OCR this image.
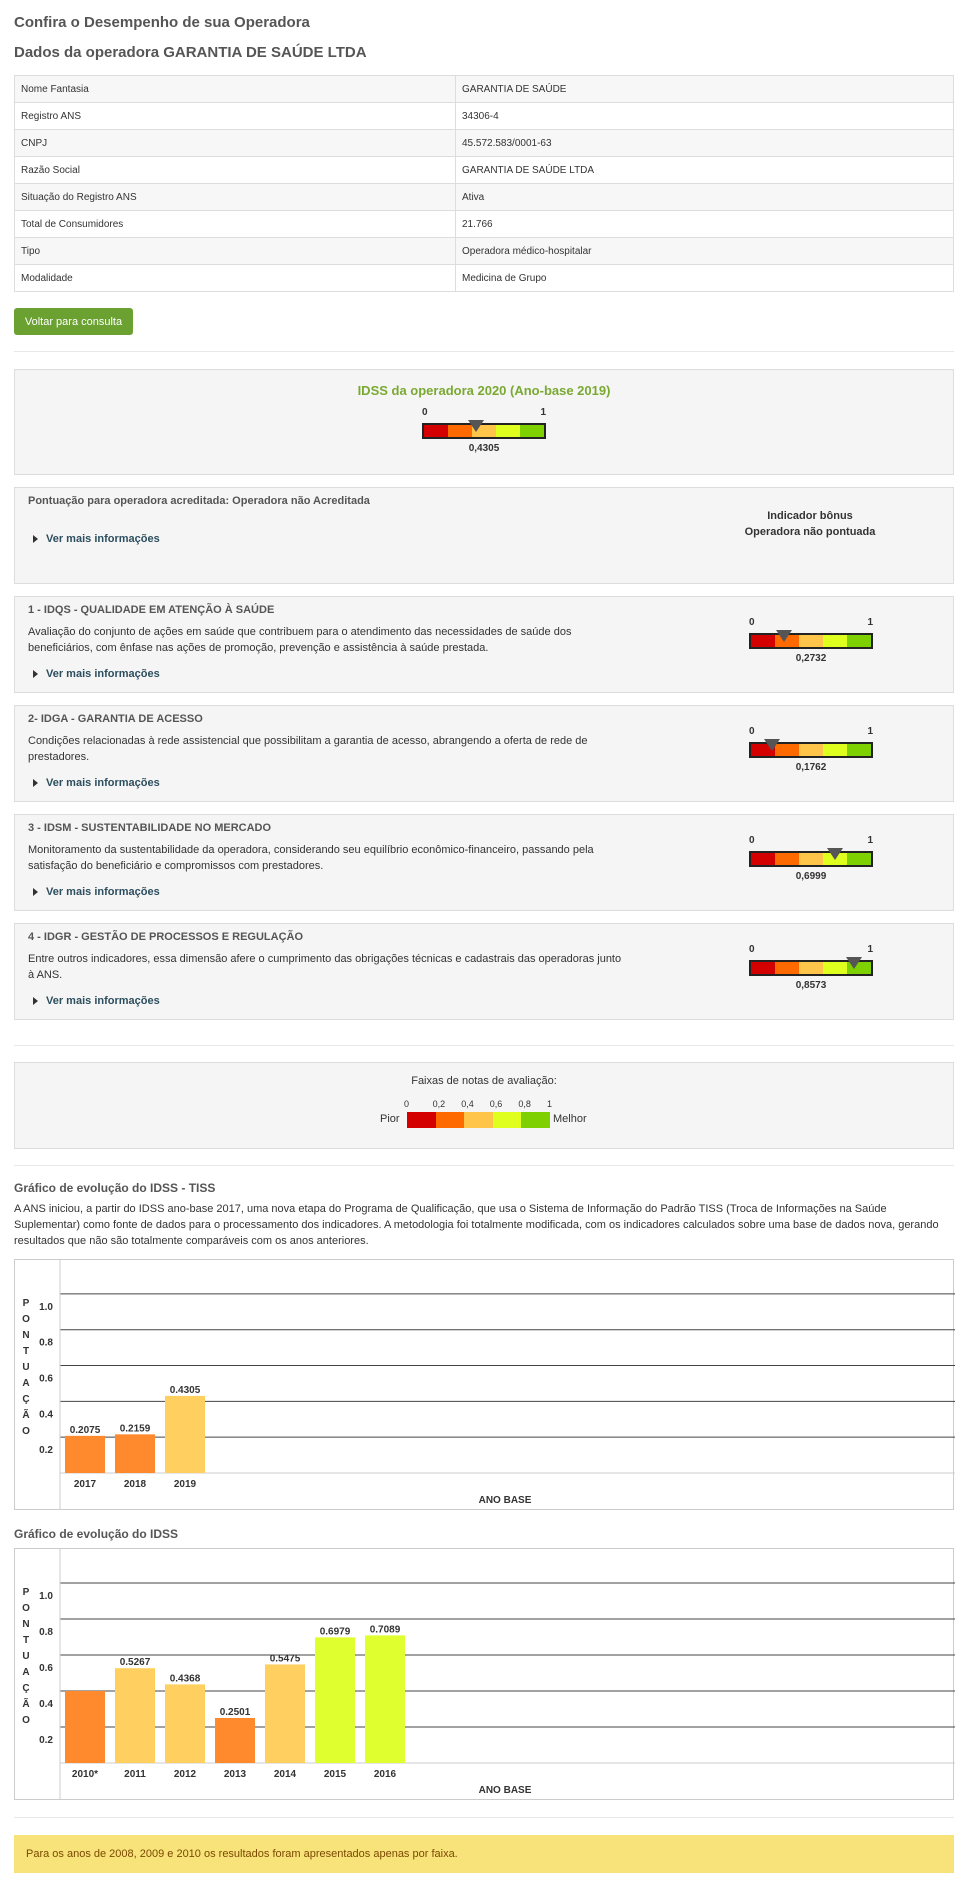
Confira o Desempenho de sua Operadora
Dados da operadora GARANTIA DE SAÚDE LTDA
Nome Fantasia	GARANTIA DE SAÚDE
Registro ANS	34306-4
CNPJ	45.572.583/0001-63
Razão Social	GARANTIA DE SAÚDE LTDA
Situação do Registro ANS	Ativa
Total de Consumidores	21.766
Tipo	Operadora médico-hospitalar
Modalidade	Medicina de Grupo
Voltar para consulta
IDSS da operadora 2020 (Ano-base 2019)
0	1
0,4305
Pontuação para operadora acreditada: Operadora não Acreditada
Ver mais informações
Indicador bônus
Operadora não pontuada
1 - IDQS - QUALIDADE EM ATENÇÃO À SAÚDE
Avaliação do conjunto de ações em saúde que contribuem para o atendimento das necessidades de saúde dos beneficiários, com ênfase nas ações de promoção, prevenção e assistência à saúde prestada.
Ver mais informações
0	1
0,2732
2- IDGA - GARANTIA DE ACESSO
Condições relacionadas à rede assistencial que possibilitam a garantia de acesso, abrangendo a oferta de rede de prestadores.
Ver mais informações
0	1
0,1762
3 - IDSM - SUSTENTABILIDADE NO MERCADO
Monitoramento da sustentabilidade da operadora, considerando seu equilíbrio econômico-financeiro, passando pela satisfação do beneficiário e compromissos com prestadores.
Ver mais informações
0	1
0,6999
4 - IDGR - GESTÃO DE PROCESSOS E REGULAÇÃO
Entre outros indicadores, essa dimensão afere o cumprimento das obrigações técnicas e cadastrais das operadoras junto à ANS.
Ver mais informações
0	1
0,8573
Faixas de notas de avaliação:
0	0,2 0,4 0,6 0,8 1
Pior	Melhor
Gráfico de evolução do IDSS - TISS
A ANS iniciou, a partir do IDSS ano-base 2017, uma nova etapa do Programa de Qualificação, que usa o Sistema de Informação do Padrão TISS (Troca de Informações na Saúde Suplementar) como fonte de dados para o processamento dos indicadores. A metodologia foi totalmente modificada, com os indicadores calculados sobre uma base de dados nova, gerando resultados que não são totalmente comparáveis com os anos anteriores.
0.2
0.4
0.6
0.8
1.0
P
O
N
T
U
A
Ç
Ã
O	0.2075
2017
0.2159
2018
0.4305
2019
ANO BASE
Gráfico de evolução do IDSS
0.2
0.4
0.6
0.8
1.0
P
O
N
T
U
A
Ç
Ã
O
2010*
0.5267
2011
0.4368
2012
0.2501
2013
0.5475
2014
0.6979
2015
0.7089
2016
ANO BASE
Para os anos de 2008, 2009 e 2010 os resultados foram apresentados apenas por faixa.
